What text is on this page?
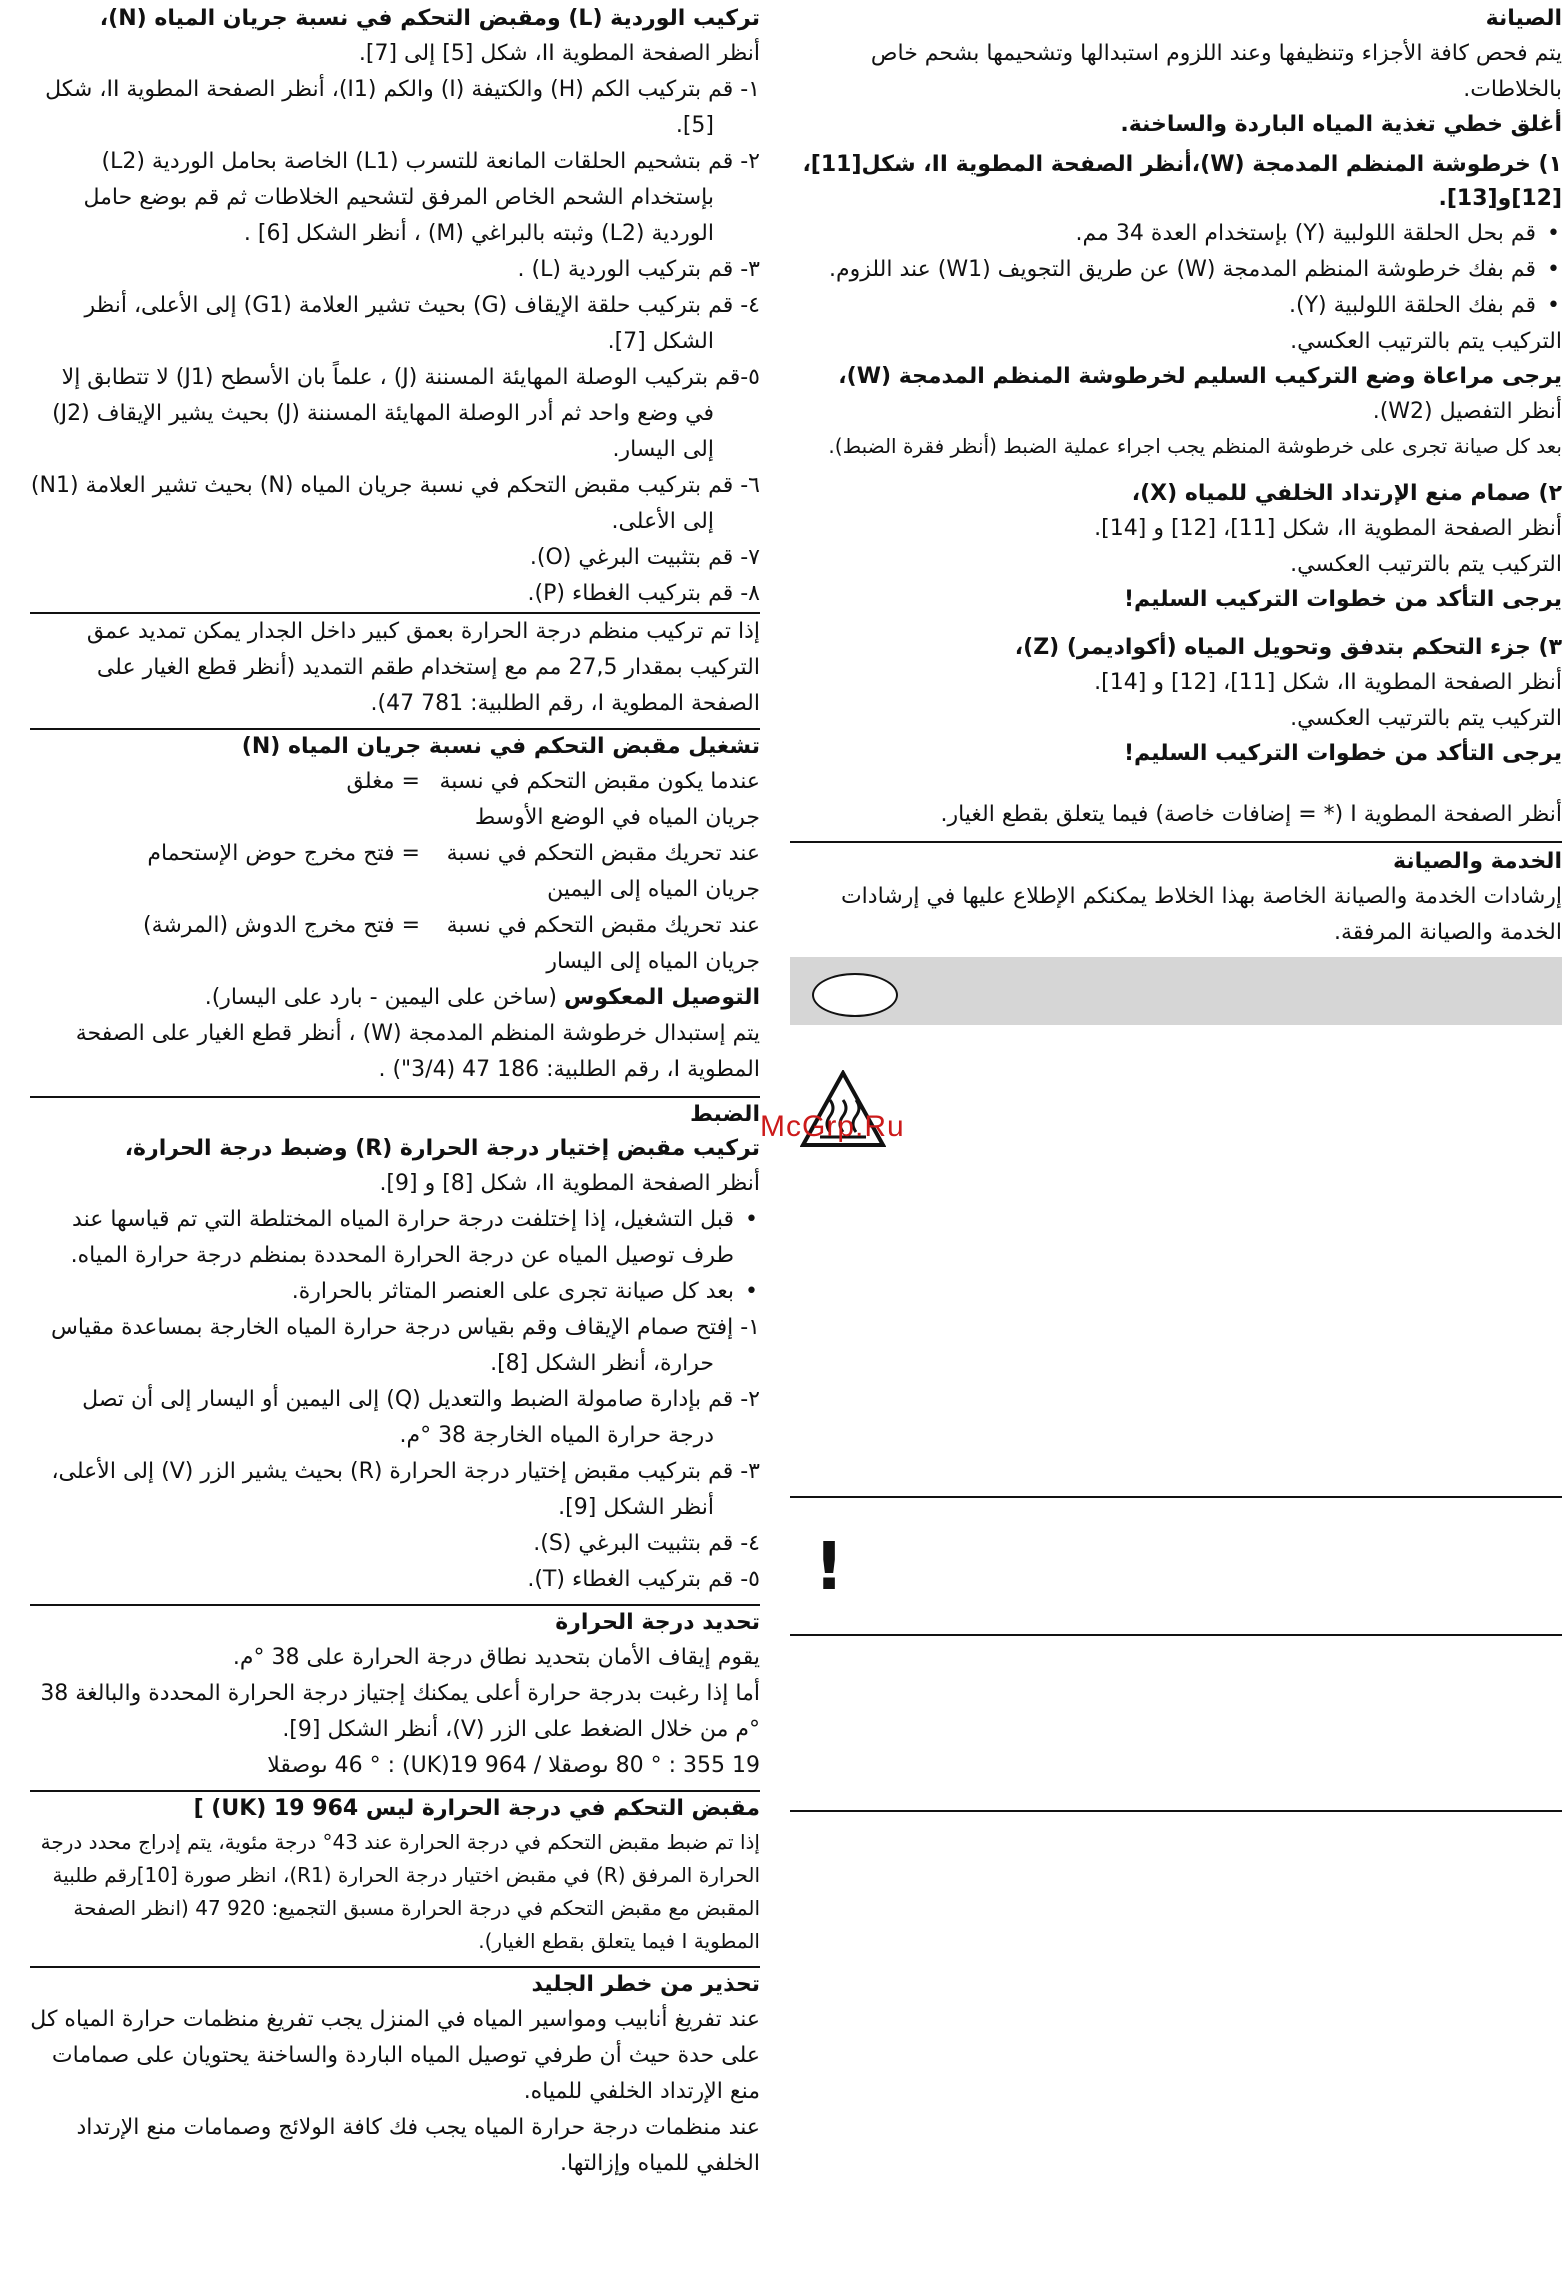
الصيانة

يتم فحص كافة الأجزاء وتنظيفها وعند اللزوم استبدالها وتشحيمها بشحم خاص بالخلاطات.

أغلق خطي تغذية المياه الباردة والساخنة.

١) خرطوشة المنظم المدمجة (W)،أنظر الصفحة المطوية II، شكل[11]،[12]و[13].

• قم بحل الحلقة اللولبية (Y) بإستخدام العدة 34 مم.

• قم بفك خرطوشة المنظم المدمجة (W) عن طريق التجويف (W1) عند اللزوم.

• قم بفك الحلقة اللولبية (Y).

التركيب يتم بالترتيب العكسي.

يرجى مراعاة وضع التركيب السليم لخرطوشة المنظم المدمجة (W)،

أنظر التفصيل (W2).

بعد كل صيانة تجرى على خرطوشة المنظم يجب اجراء عملية الضبط (أنظر فقرة الضبط).

٢) صمام منع الإرتداد الخلفي للمياه (X)،

أنظر الصفحة المطوية II، شكل [11]، [12] و [14].

التركيب يتم بالترتيب العكسي.

يرجى التأكد من خطوات التركيب السليم!

٣) جزء التحكم بتدفق وتحويل المياه (أكواديمر) (Z)،

أنظر الصفحة المطوية II، شكل [11]، [12] و [14].

التركيب يتم بالترتيب العكسي.

يرجى التأكد من خطوات التركيب السليم!

أنظر الصفحة المطوية I (* = إضافات خاصة) فيما يتعلق بقطع الغيار.

الخدمة والصيانة

إرشادات الخدمة والصيانة الخاصة بهذا الخلاط يمكنكم الإطلاع عليها في إرشادات الخدمة والصيانة المرفقة.

McGrp.Ru
!

تركيب الوردية (L) ومقبض التحكم في نسبة جريان المياه (N)،

أنظر الصفحة المطوية II، شكل [5] إلى [7].

١- قم بتركيب الكم (H) والكتيفة (I) والكم (I1)، أنظر الصفحة المطوية II، شكل [5].

٢- قم بتشحيم الحلقات المانعة للتسرب (L1) الخاصة بحامل الوردية (L2) بإستخدام الشحم الخاص المرفق لتشحيم الخلاطات ثم قم بوضع حامل الوردية (L2) وثبته بالبراغي (M) ، أنظر الشكل [6] .

٣- قم بتركيب الوردية (L) .

٤- قم بتركيب حلقة الإيقاف (G) بحيث تشير العلامة (G1) إلى الأعلى، أنظر الشكل [7].

٥-قم بتركيب الوصلة المهايئة المسننة (J) ، علماً بان الأسطح (J1) لا تتطابق إلا في وضع واحد ثم أدر الوصلة المهايئة المسننة (J) بحيث يشير الإيقاف (J2) إلى اليسار.

٦- قم بتركيب مقبض التحكم في نسبة جريان المياه (N) بحيث تشير العلامة (N1) إلى الأعلى.

٧- قم بتثبيت البرغي (O).

٨- قم بتركيب الغطاء (P).

إذا تم تركيب منظم درجة الحرارة بعمق كبير داخل الجدار يمكن تمديد عمق التركيب بمقدار 27,5 مم مع إستخدام طقم التمديد (أنظر قطع الغيار على الصفحة المطوية I، رقم الطلبية: 781 47).

تشغيل مقبض التحكم في نسبة جريان المياه (N)

عندما يكون مقبض التحكم في نسبة جريان المياه في الوضع الأوسط

= مغلق

عند تحريك مقبض التحكم في نسبة جريان المياه إلى اليمين

= فتح مخرج حوض الإستحمام

عند تحريك مقبض التحكم في نسبة جريان المياه إلى اليسار

= فتح مخرج الدوش (المرشة)

التوصيل المعكوس (ساخن على اليمين - بارد على اليسار).

يتم إستبدال خرطوشة المنظم المدمجة (W) ، أنظر قطع الغيار على الصفحة المطوية I، رقم الطلبية: 186 47 (3/4") .

الضبط

تركيب مقبض إختيار درجة الحرارة (R) وضبط درجة الحرارة،

أنظر الصفحة المطوية II، شكل [8] و [9].

• قبل التشغيل، إذا إختلفت درجة حرارة المياه المختلطة التي تم قياسها عند طرف توصيل المياه عن درجة الحرارة المحددة بمنظم درجة حرارة المياه.

• بعد كل صيانة تجرى على العنصر المتاثر بالحرارة.

١- إفتح صمام الإيقاف وقم بقياس درجة حرارة المياه الخارجة بمساعدة مقياس حرارة، أنظر الشكل [8].

٢- قم بإدارة صامولة الضبط والتعديل (Q) إلى اليمين أو اليسار إلى أن تصل درجة حرارة المياه الخارجة 38 °م.

٣- قم بتركيب مقبض إختيار درجة الحرارة (R) بحيث يشير الزر (V) إلى الأعلى، أنظر الشكل [9].

٤- قم بتثبيت البرغي (S).

٥- قم بتركيب الغطاء (T).

تحديد درجة الحرارة

يقوم إيقاف الأمان بتحديد نطاق درجة الحرارة على 38 °م.

أما إذا رغبت بدرجة حرارة أعلى يمكنك إجتياز درجة الحرارة المحددة والبالغة 38 °م من خلال الضغط على الزر (V)، أنظر الشكل [9].

19 355 : ° 80 ىوصقلا / 964 19(UK) : ° 46 ىوصقلا

مقبض التحكم في درجة الحرارة ليس 964 19 (UK) ]

إذا تم ضبط مقبض التحكم في درجة الحرارة عند 43° درجة مئوية، يتم إدراج محدد درجة الحرارة المرفق (R) في مقبض اختيار درجة الحرارة (R1)، انظر صورة [10]رقم طلبية المقبض مع مقبض التحكم في درجة الحرارة مسبق التجميع: 920 47 (انظر الصفحة المطوية I فيما يتعلق بقطع الغيار).

تحذير من خطر الجليد

عند تفريغ أنابيب ومواسير المياه في المنزل يجب تفريغ منظمات حرارة المياه كل على حدة حيث أن طرفي توصيل المياه الباردة والساخنة يحتويان على صمامات منع الإرتداد الخلفي للمياه.

عند منظمات درجة حرارة المياه يجب فك كافة الولائج وصمامات منع الإرتداد الخلفي للمياه وإزالتها.
